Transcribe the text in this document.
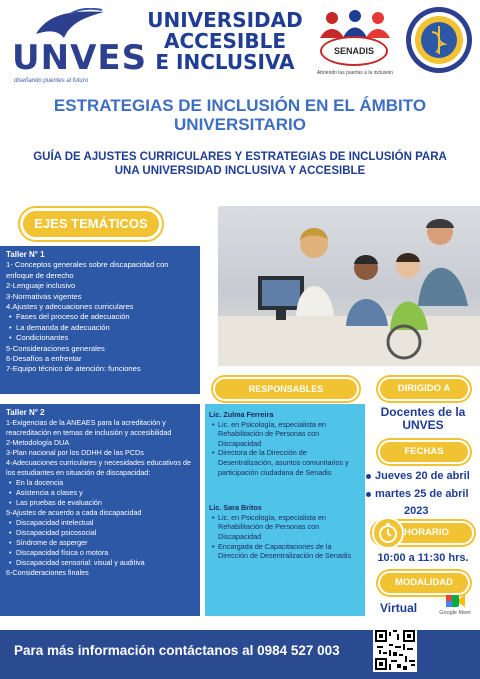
UNVES
diseñando puentes al futuro
UNIVERSIDAD
ACCESIBLE
E INCLUSIVA	SENADIS
Abriendo las puertas a la inclusión
ESTRATEGIAS DE INCLUSIÓN EN EL ÁMBITO UNIVERSITARIO
GUÍA DE AJUSTES CURRICULARES Y ESTRATEGIAS DE INCLUSIÓN PARA UNA UNIVERSIDAD INCLUSIVA Y ACCESIBLE
EJES TEMÁTICOS
Taller N° 1
1- Conceptos generales sobre discapacidad con enfoque de derecho
2-Lenguaje inclusivo
3-Normativas vigentes
4.Ajustes y adecuaciones curriculares
• Fases del proceso de adecuación
• La demanda de adecuación
• Condicionantes
5-Consideraciones generales
6-Desafíos a enfrentar
7-Equipo técnico de atención: funciones
Taller N° 2
1-Exigencias de la ANEAES para la acreditación y reacreditación en temas de inclusión y accesibilidad
2-Metodología DUA
3-Plan nacional por los DDHH de las PCDs
4-Adecuaciones curriculares y necesidades educativos de los estudiantes en situación de discapacidad:
• En la docencia
• Asistencia a clases y
• Las pruebas de evaluación
5-Ajustes de acuerdo a cada discapacidad
• Discapacidad intelectual
• Discapacidad psicosocial
• Síndrome de asperger
• Discapacidad física o motora
• Discapacidad sensorial: visual y auditiva
6-Consideraciones finales
RESPONSABLES
Lic. Zulma Ferreira
• Lic. en Psicología, especialista en Rehabilitación de Personas con Discapacidad
• Directora de la Dirección de Desentralización, asuntos comunitarios y participación ciudadana de Senadis
Lic. Sara Britos
• Lic. en Psicología, especialista en Rehabilitación de Personas con Discapacidad
• Encargada de Capacitaciones de la Dirección de Desentralización de Senadis
DIRIGIDO A
Docentes de la UNVES
FECHAS
Jueves 20 de abril
martes 25 de abril
2023
HORARIO
10:00 a 11:30 hrs.
MODALIDAD
Virtual	Google Meet
Para más información contáctanos al 0984 527 003
